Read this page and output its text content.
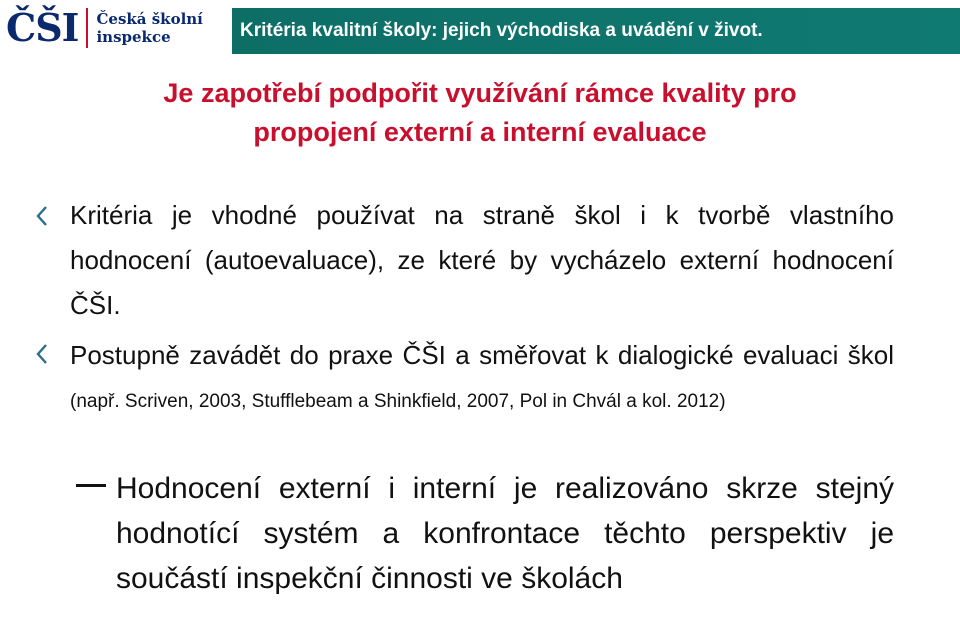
ČŠI Česká školní
inspekce	Kritéria kvalitní školy: jejich východiska a uvádění v život.
Je zapotřebí podpořit využívání rámce kvality pro
propojení externí a interní evaluace
Kritéria je vhodné používat na straně škol i k tvorbě vlastního hodnocení (autoevaluace), ze které by vycházelo externí hodnocení ČŠI.
Postupně zavádět do praxe ČŠI a směřovat k dialogické evaluaci škol (např. Scriven, 2003, Stufflebeam a Shinkfield, 2007, Pol in Chvál a kol. 2012)
Hodnocení externí i interní je realizováno skrze stejný hodnotící systém a konfrontace těchto perspektiv je součástí inspekční činnosti ve školách
